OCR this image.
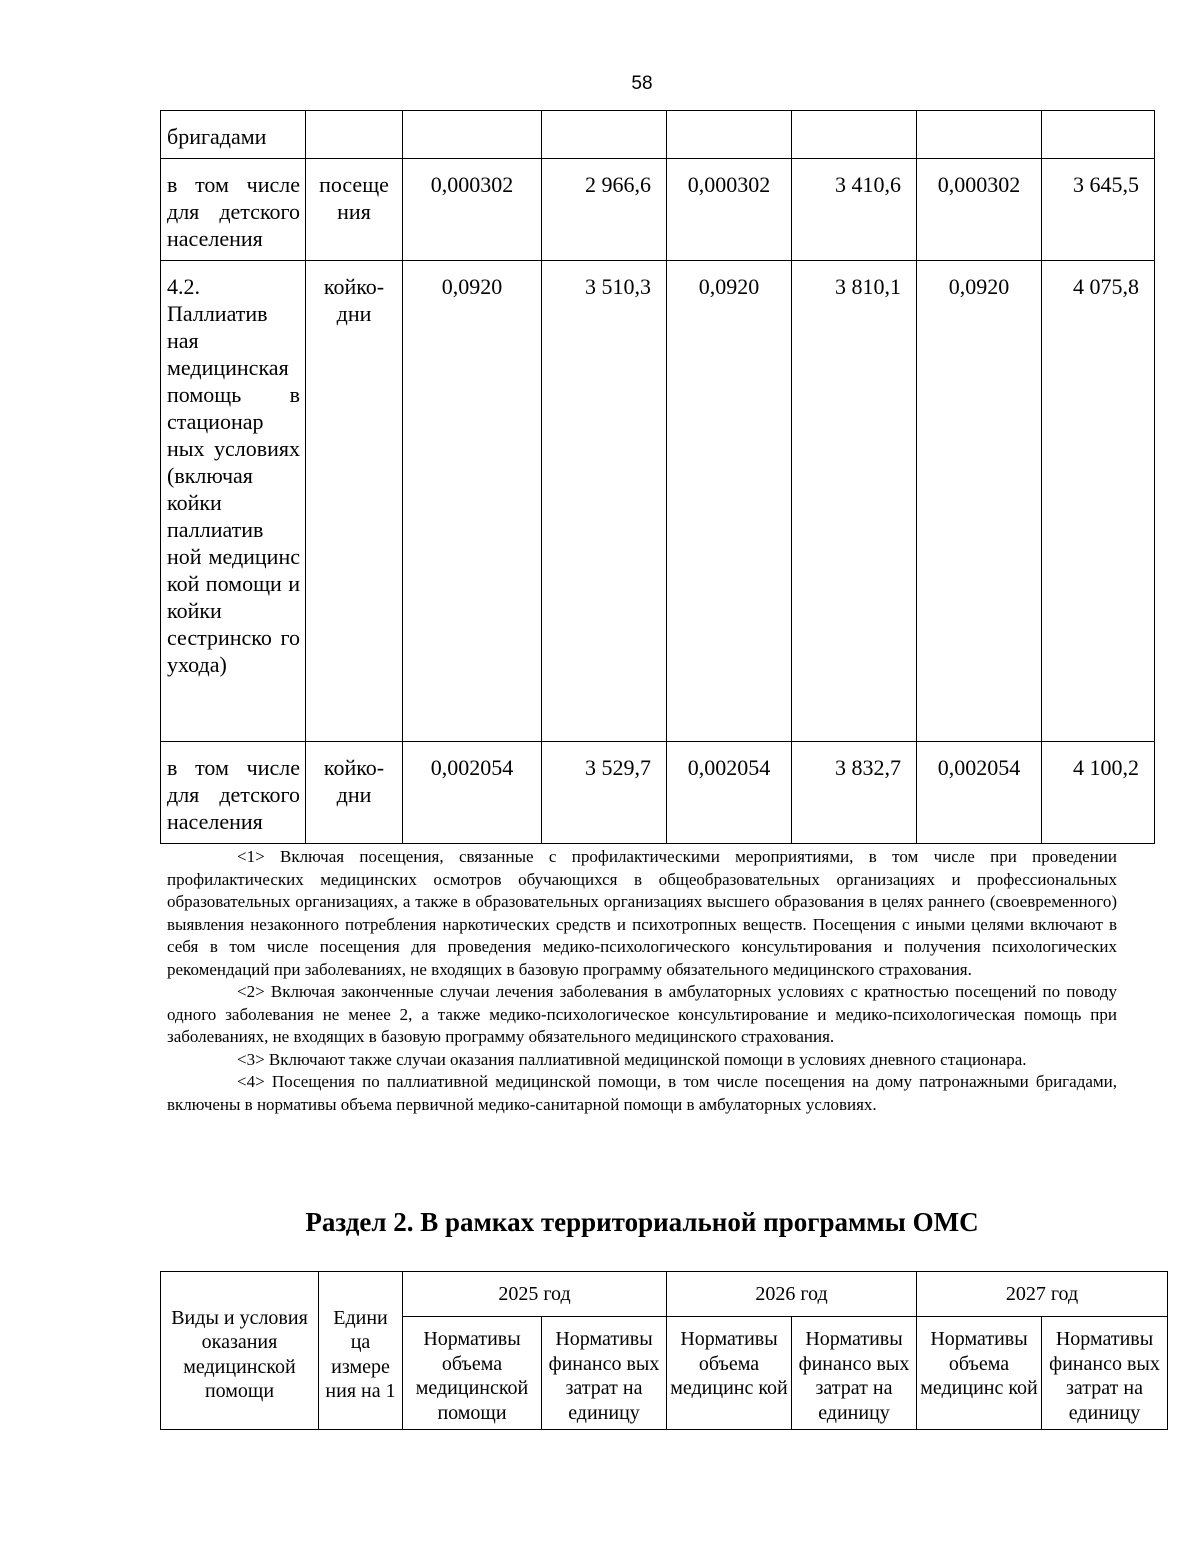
58
бригадами							
в том числе для детского населения	посеще ния	0,000302	2 966,6	0,000302	3 410,6	0,000302	3 645,5
4.2. Паллиатив ная медицинская помощь в стационар ных условиях (включая койки паллиатив ной медицинс кой помощи и койки сестринско го ухода)	койко- дни	0,0920	3 510,3	0,0920	3 810,1	0,0920	4 075,8
в том числе для детского населения	койко- дни	0,002054	3 529,7	0,002054	3 832,7	0,002054	4 100,2

<1> Включая посещения, связанные с профилактическими мероприятиями, в том числе при проведении профилактических медицинских осмотров обучающихся в общеобразовательных организациях и профессиональных образовательных организациях, а также в образовательных организациях высшего образования в целях раннего (своевременного) выявления незаконного потребления наркотических средств и психотропных веществ. Посещения с иными целями включают в себя в том числе посещения для проведения медико-психологического консультирования и получения психологических рекомендаций при заболеваниях, не входящих в базовую программу обязательного медицинского страхования.

<2> Включая законченные случаи лечения заболевания в амбулаторных условиях с кратностью посещений по поводу одного заболевания не менее 2, а также медико-психологическое консультирование и медико-психологическая помощь при заболеваниях, не входящих в базовую программу обязательного медицинского страхования.

<3> Включают также случаи оказания паллиативной медицинской помощи в условиях дневного стационара.

<4> Посещения по паллиативной медицинской помощи, в том числе посещения на дому патронажными бригадами, включены в нормативы объема первичной медико-санитарной помощи в амбулаторных условиях.

Раздел 2. В рамках территориальной программы ОМС
Виды и условия оказания медицинской помощи	Едини ца измере ния на 1	2025 год		2026 год		2027 год	
		Нормативы объема медицинской помощи	Нормативы финансо вых затрат на единицу	Нормативы объема медицинс кой	Нормативы финансо вых затрат на единицу	Нормативы объема медицинс кой	Нормативы финансо вых затрат на единицу
